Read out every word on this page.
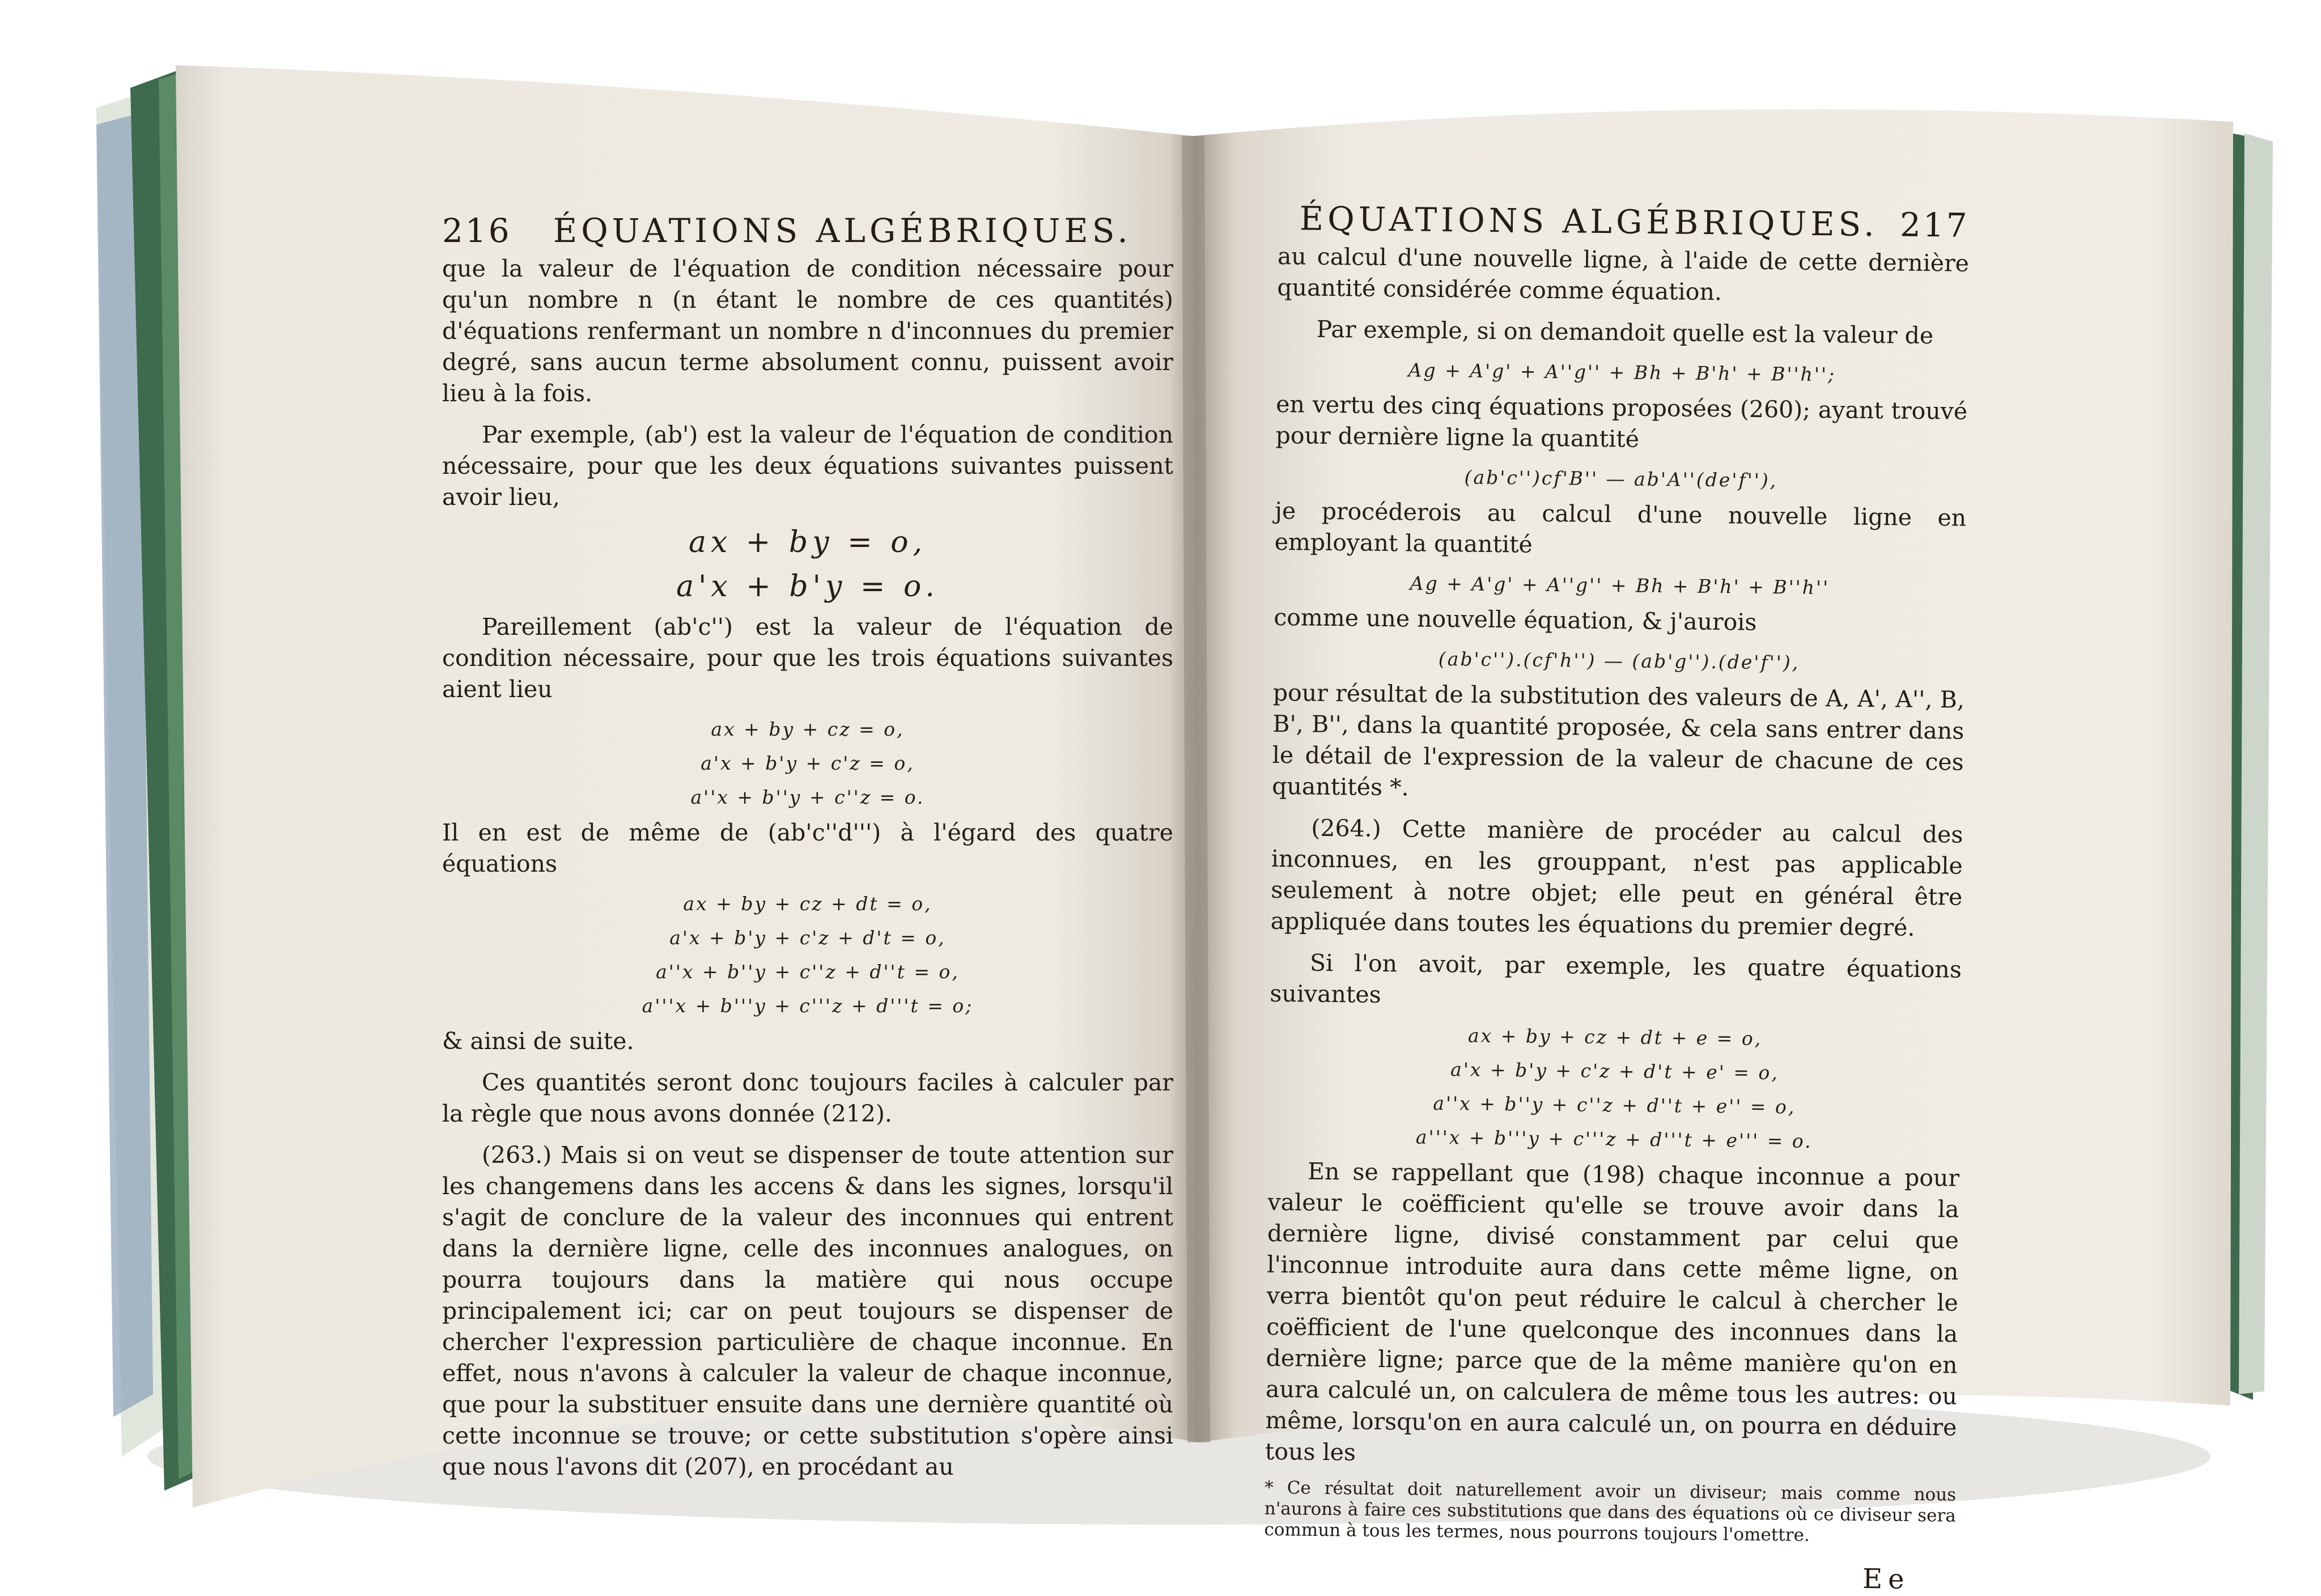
216 ÉQUATIONS ALGÉBRIQUES.

que la valeur de l'équation de condition nécessaire pour qu'un nombre n (n étant le nombre de ces quantités) d'équations renfermant un nombre n d'inconnues du premier degré, sans aucun terme absolument connu, puissent avoir lieu à la fois.

Par exemple, (ab') est la valeur de l'équation de condition nécessaire, pour que les deux équations suivantes puissent avoir lieu,

ax + by = o,

a'x + b'y = o.

Pareillement (ab'c'') est la valeur de l'équation de condition nécessaire, pour que les trois équations suivantes aient lieu

ax + by + cz = o,

a'x + b'y + c'z = o,

a''x + b''y + c''z = o.

Il en est de même de (ab'c''d''') à l'égard des quatre équations

ax + by + cz + dt = o,

a'x + b'y + c'z + d't = o,

a''x + b''y + c''z + d''t = o,

a'''x + b'''y + c'''z + d'''t = o;

& ainsi de suite.

Ces quantités seront donc toujours faciles à calculer par la règle que nous avons donnée (212).

(263.) Mais si on veut se dispenser de toute attention sur les changemens dans les accens & dans les signes, lorsqu'il s'agit de conclure de la valeur des inconnues qui entrent dans la dernière ligne, celle des inconnues analogues, on pourra toujours dans la matière qui nous occupe principalement ici; car on peut toujours se dispenser de chercher l'expression particulière de chaque inconnue. En effet, nous n'avons à calculer la valeur de chaque inconnue, que pour la substituer ensuite dans une dernière quantité où cette inconnue se trouve; or cette substitution s'opère ainsi que nous l'avons dit (207), en procédant au

ÉQUATIONS ALGÉBRIQUES. 217

au calcul d'une nouvelle ligne, à l'aide de cette dernière quantité considérée comme équation.

Par exemple, si on demandoit quelle est la valeur de

Ag + A'g' + A''g'' + Bh + B'h' + B''h'';

en vertu des cinq équations proposées (260); ayant trouvé pour dernière ligne la quantité

(ab'c'')cf'B'' — ab'A''(de'f''),

je procéderois au calcul d'une nouvelle ligne en employant la quantité

Ag + A'g' + A''g'' + Bh + B'h' + B''h''

comme une nouvelle équation, & j'aurois

(ab'c'').(cf'h'') — (ab'g'').(de'f''),

pour résultat de la substitution des valeurs de A, A', A'', B, B', B'', dans la quantité proposée, & cela sans entrer dans le détail de l'expression de la valeur de chacune de ces quantités *.

(264.) Cette manière de procéder au calcul des inconnues, en les grouppant, n'est pas applicable seulement à notre objet; elle peut en général être appliquée dans toutes les équations du premier degré.

Si l'on avoit, par exemple, les quatre équations suivantes

ax + by + cz + dt + e = o,

a'x + b'y + c'z + d't + e' = o,

a''x + b''y + c''z + d''t + e'' = o,

a'''x + b'''y + c'''z + d'''t + e''' = o.

En se rappellant que (198) chaque inconnue a pour valeur le coëfficient qu'elle se trouve avoir dans la dernière ligne, divisé constamment par celui que l'inconnue introduite aura dans cette même ligne, on verra bientôt qu'on peut réduire le calcul à chercher le coëfficient de l'une quelconque des inconnues dans la dernière ligne; parce que de la même manière qu'on en aura calculé un, on calculera de même tous les autres: ou même, lorsqu'on en aura calculé un, on pourra en déduire tous les

* Ce résultat doit naturellement avoir un diviseur; mais comme nous n'aurons à faire ces substitutions que dans des équations où ce diviseur sera commun à tous les termes, nous pourrons toujours l'omettre.

Ee
